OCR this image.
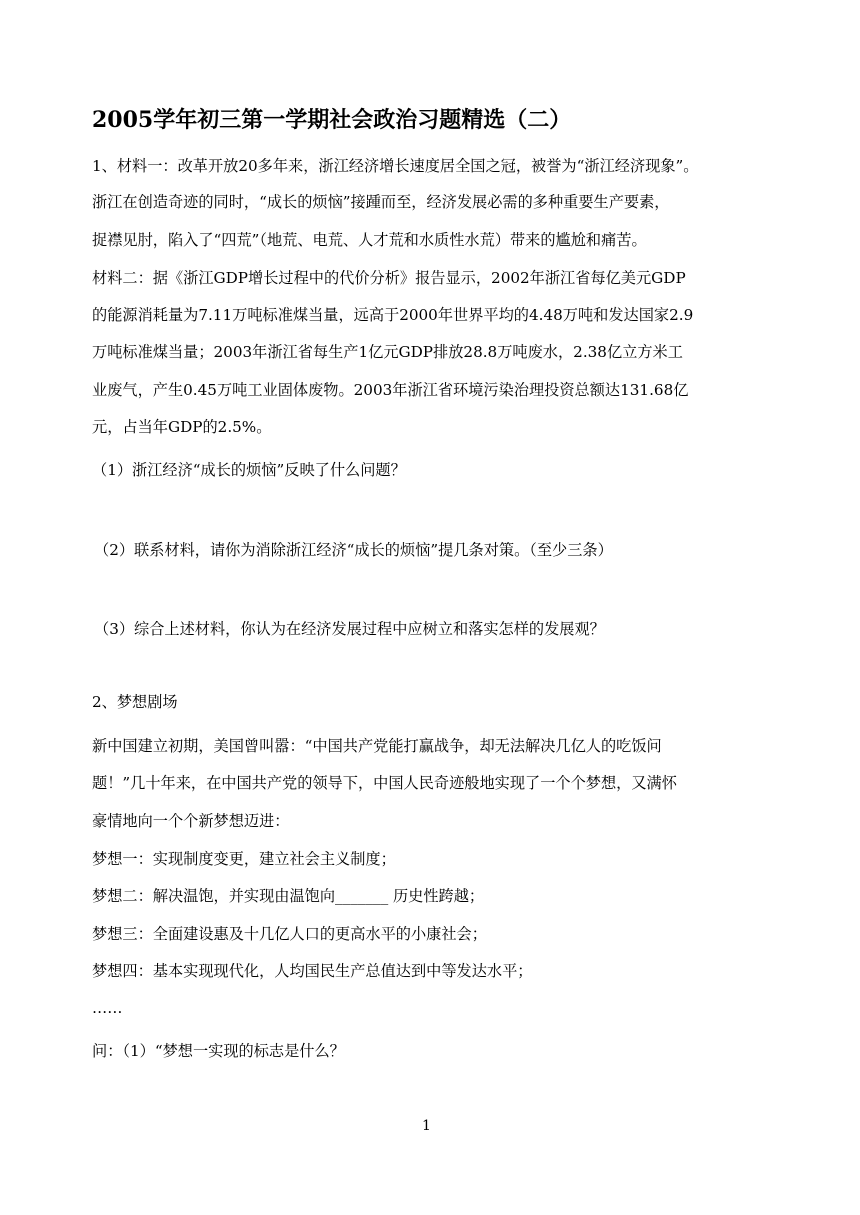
2005学年初三第一学期社会政治习题精选（二）
1、材料一：改革开放20多年来，浙江经济增长速度居全国之冠，被誉为“浙江经济现象”。
浙江在创造奇迹的同时，“成长的烦恼”接踵而至，经济发展必需的多种重要生产要素，
捉襟见肘，陷入了“四荒”（地荒、电荒、人才荒和水质性水荒）带来的尴尬和痛苦。
材料二：据《浙江GDP增长过程中的代价分析》报告显示，2002年浙江省每亿美元GDP
的能源消耗量为7.11万吨标准煤当量，远高于2000年世界平均的4.48万吨和发达国家2.9
万吨标准煤当量；2003年浙江省每生产1亿元GDP排放28.8万吨废水，2.38亿立方米工
业废气，产生0.45万吨工业固体废物。2003年浙江省环境污染治理投资总额达131.68亿
元，占当年GDP的2.5%。
（1）浙江经济“成长的烦恼”反映了什么问题？
（2）联系材料，请你为消除浙江经济“成长的烦恼”提几条对策。（至少三条）
（3）综合上述材料，你认为在经济发展过程中应树立和落实怎样的发展观？
2、梦想剧场
新中国建立初期，美国曾叫嚣：“中国共产党能打赢战争，却无法解决几亿人的吃饭问
题！”几十年来，在中国共产党的领导下，中国人民奇迹般地实现了一个个梦想，又满怀
豪情地向一个个新梦想迈进：
梦想一：实现制度变更，建立社会主义制度；
梦想二：解决温饱，并实现由温饱向_______ 历史性跨越；
梦想三：全面建设惠及十几亿人口的更高水平的小康社会；
梦想四：基本实现现代化，人均国民生产总值达到中等发达水平；
……
问：（1）“梦想一实现的标志是什么？
1
